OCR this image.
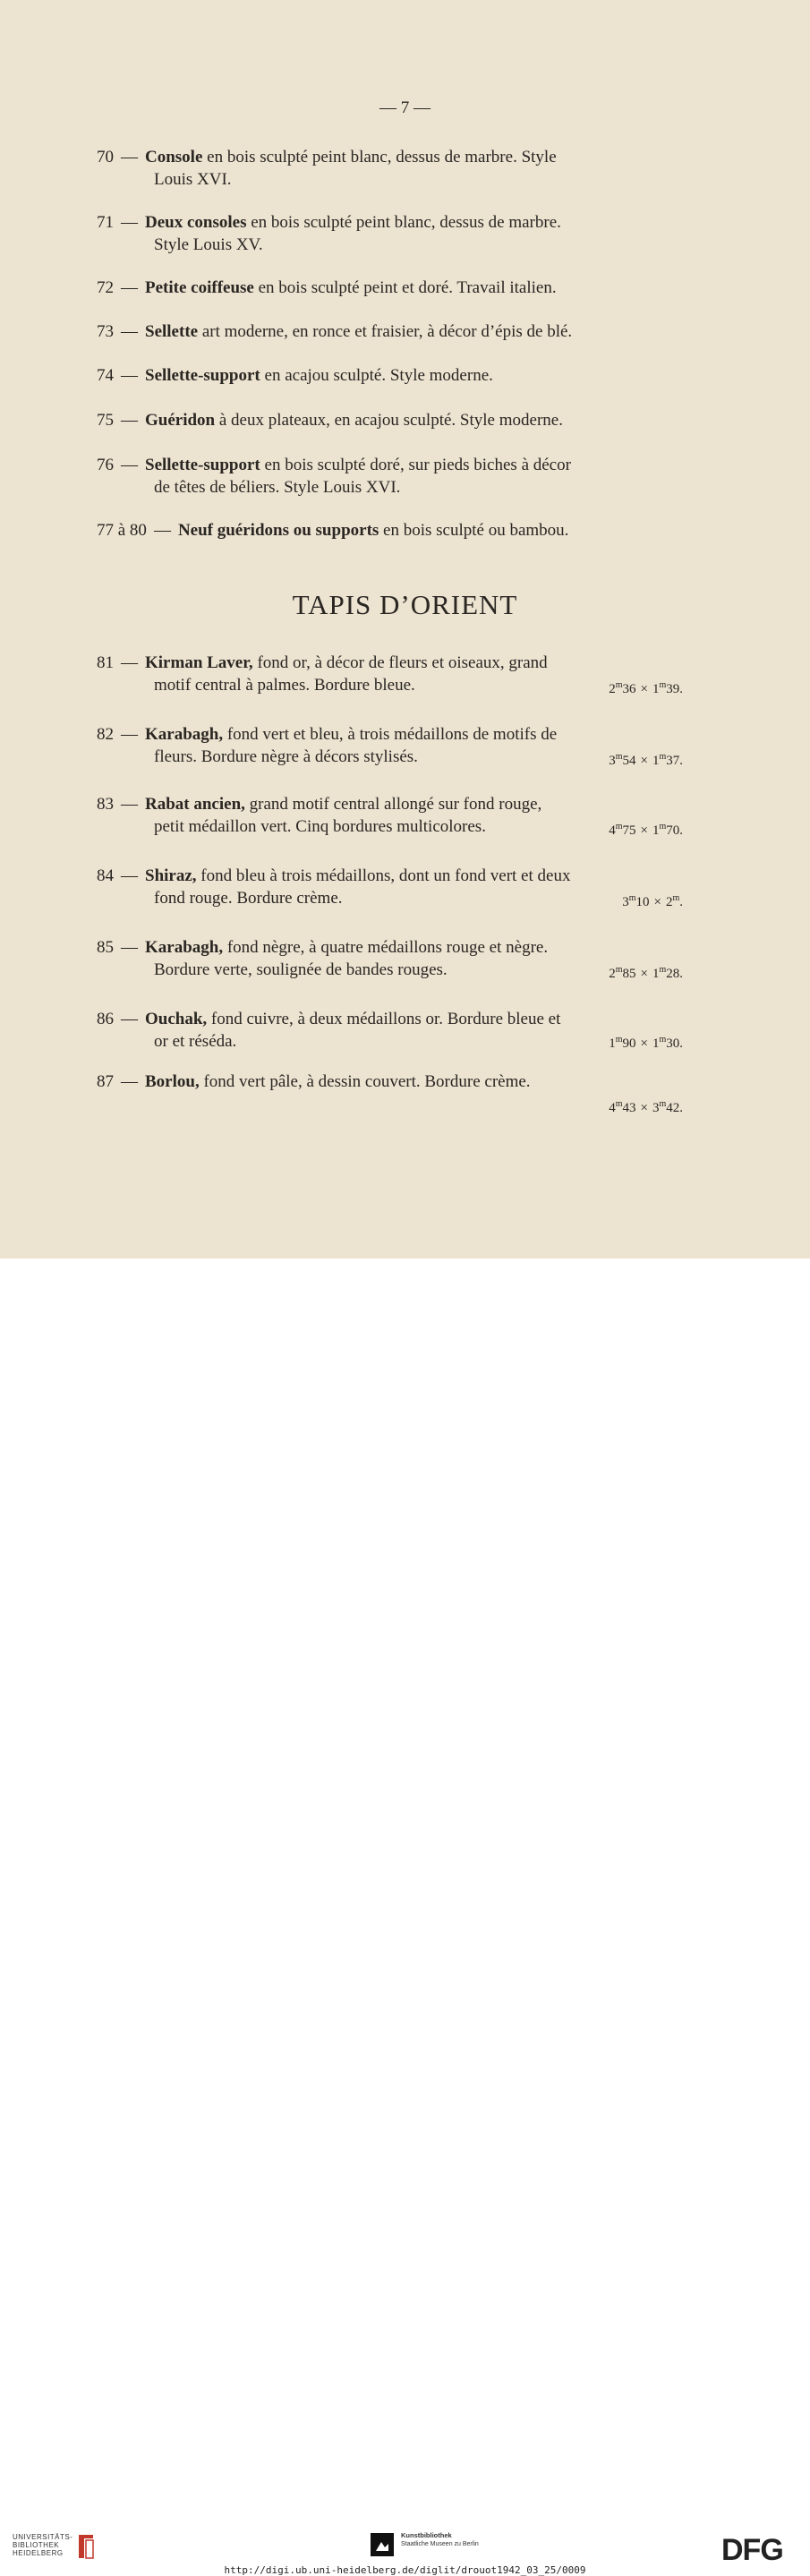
— 7 —
70 — Console en bois sculpté peint blanc, dessus de marbre. Style
Louis XVI.
71 — Deux consoles en bois sculpté peint blanc, dessus de marbre.
Style Louis XV.
72 — Petite coiffeuse en bois sculpté peint et doré. Travail italien.
73 — Sellette art moderne, en ronce et fraisier, à décor d’épis de blé.
74 — Sellette-support en acajou sculpté. Style moderne.
75 — Guéridon à deux plateaux, en acajou sculpté. Style moderne.
76 — Sellette-support en bois sculpté doré, sur pieds biches à décor
de têtes de béliers. Style Louis XVI.
77 à 80 — Neuf guéridons ou supports en bois sculpté ou bambou.
TAPIS D’ORIENT
81 — Kirman Laver, fond or, à décor de fleurs et oiseaux, grand
motif central à palmes. Bordure bleue.	$2^m36 \times 1^m39$.
82 — Karabagh, fond vert et bleu, à trois médaillons de motifs de
fleurs. Bordure nègre à décors stylisés.	$3^m54 \times 1^m37$.
83 — Rabat ancien, grand motif central allongé sur fond rouge,
petit médaillon vert. Cinq bordures multicolores.	$4^m75 \times 1^m70$.
84 — Shiraz, fond bleu à trois médaillons, dont un fond vert et deux
fond rouge. Bordure crème.	$3^m10 \times 2^m$.
85 — Karabagh, fond nègre, à quatre médaillons rouge et nègre.
Bordure verte, soulignée de bandes rouges.	$2^m85 \times 1^m28$.
86 — Ouchak, fond cuivre, à deux médaillons or. Bordure bleue et
or et réséda.	$1^m90 \times 1^m30$.
87 — Borlou, fond vert pâle, à dessin couvert. Bordure crème.
$4^m43 \times 3^m42$.
UNIVERSITÄTS-
BIBLIOTHEK
HEIDELBERG
Kunstbibliothek
Staatliche Museen zu Berlin	DFG
http://digi.ub.uni-heidelberg.de/diglit/drouot1942_03_25/0009
